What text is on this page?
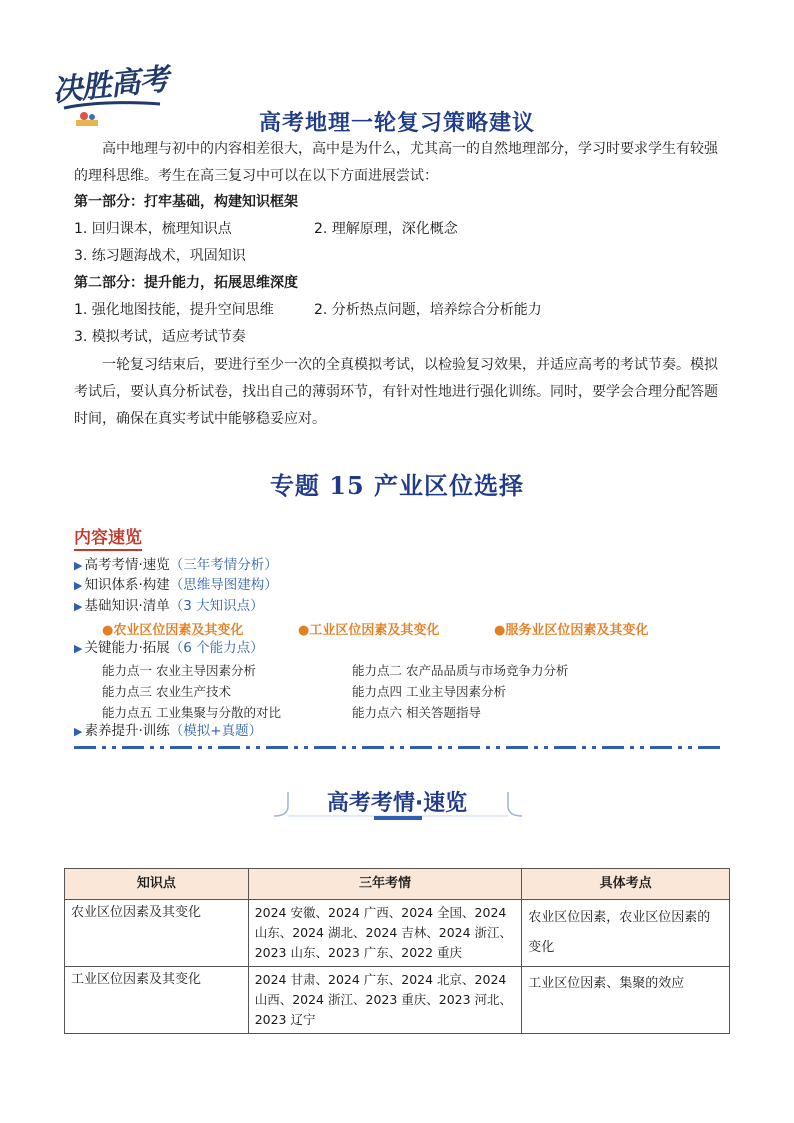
决胜高考
高考地理一轮复习策略建议
高中地理与初中的内容相差很大，高中是为什么，尤其高一的自然地理部分，学习时要求学生有较强的理科思维。考生在高三复习中可以在以下方面进展尝试：
第一部分：打牢基础，构建知识框架
1. 回归课本，梳理知识点	2. 理解原理，深化概念
3. 练习题海战术，巩固知识
第二部分：提升能力，拓展思维深度
1. 强化地图技能，提升空间思维	2. 分析热点问题，培养综合分析能力
3. 模拟考试，适应考试节奏
一轮复习结束后，要进行至少一次的全真模拟考试，以检验复习效果，并适应高考的考试节奏。模拟考试后，要认真分析试卷，找出自己的薄弱环节，有针对性地进行强化训练。同时，要学会合理分配答题时间，确保在真实考试中能够稳妥应对。
专题 15 产业区位选择
内容速览
▶ 高考考情·速览（三年考情分析）
▶ 知识体系·构建（思维导图建构）
▶ 基础知识·清单（3 大知识点）
●农业区位因素及其变化	●工业区位因素及其变化	●服务业区位因素及其变化
▶ 关键能力·拓展（6 个能力点）
能力点一 农业主导因素分析	能力点二 农产品品质与市场竞争力分析
能力点三 农业生产技术	能力点四 工业主导因素分析
能力点五 工业集聚与分散的对比	能力点六 相关答题指导
▶ 素养提升·训练（模拟+真题）
高考考情·速览
知识点	三年考情	具体考点
农业区位因素及其变化	2024 安徽、2024 广西、2024 全国、2024 山东、2024 湖北、2024 吉林、2024 浙江、2023 山东、2023 广东、2022 重庆	农业区位因素，农业区位因素的变化
工业区位因素及其变化	2024 甘肃、2024 广东、2024 北京、2024 山西、2024 浙江、2023 重庆、2023 河北、2023 辽宁	工业区位因素、集聚的效应
